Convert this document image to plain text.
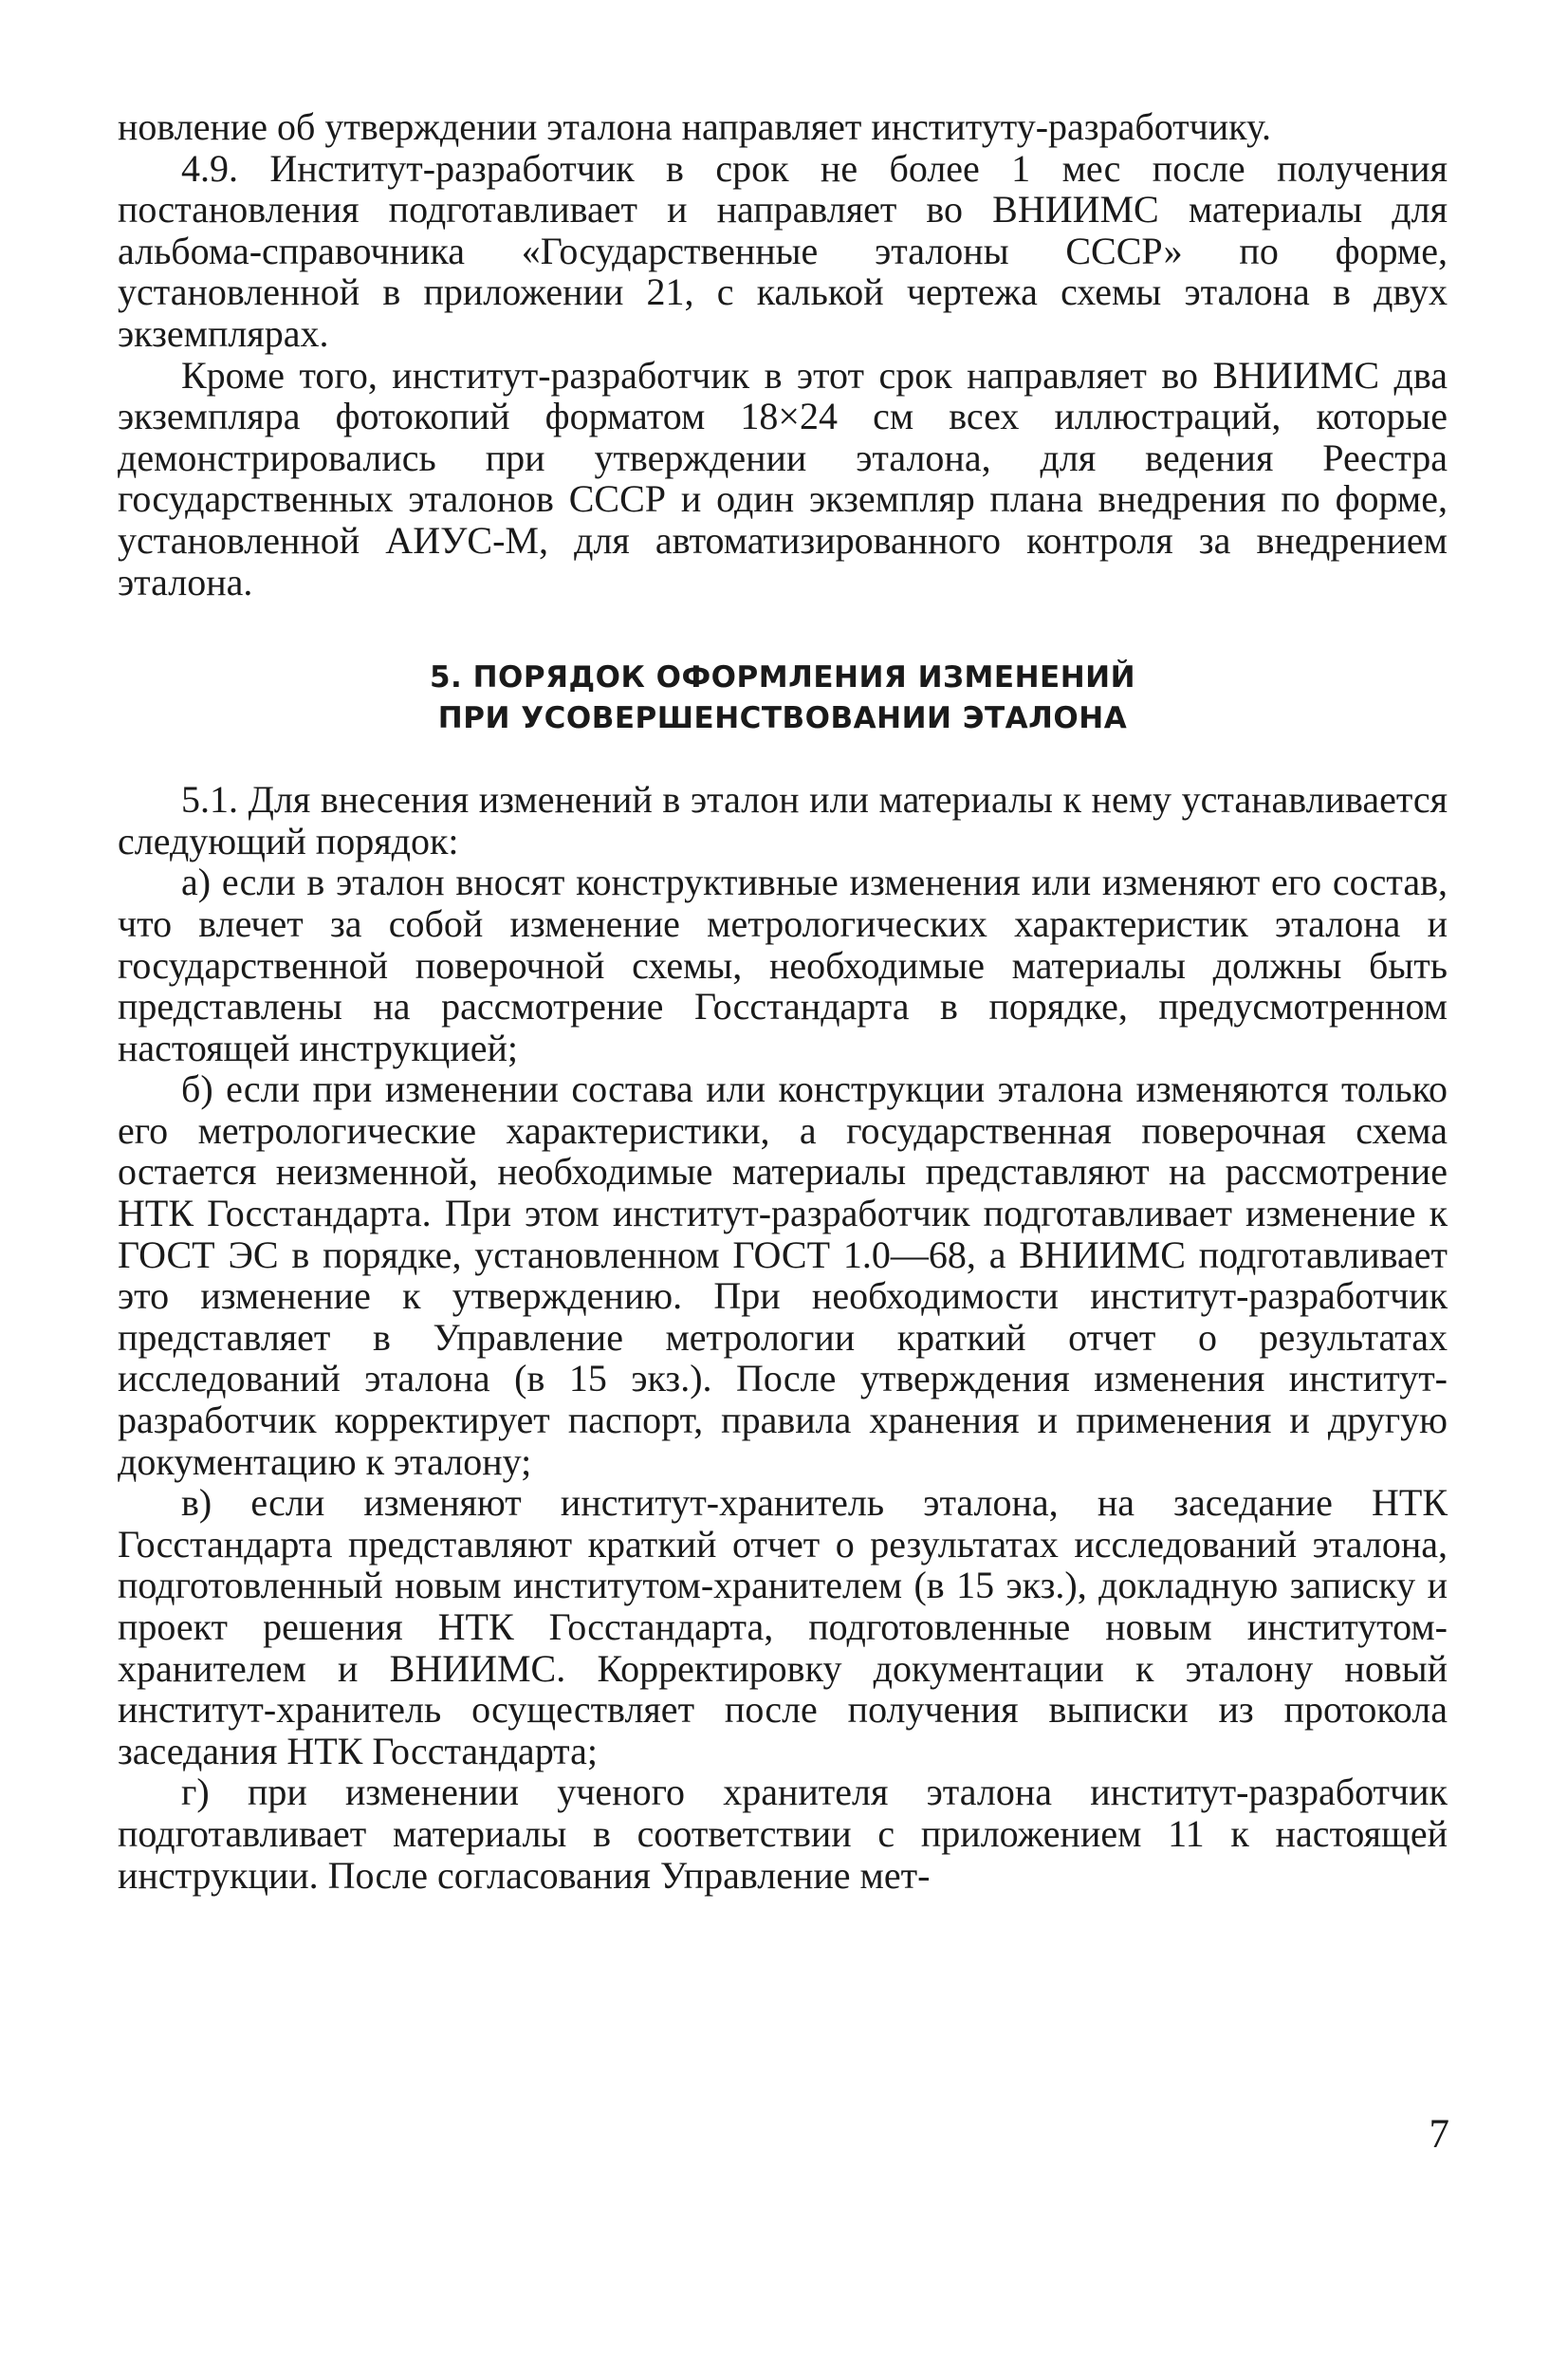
новление об утверждении эталона направляет институту-разработчику.

4.9. Институт-разработчик в срок не более 1 мес после получения постановления подготавливает и направляет во ВНИИМС материалы для альбома-справочника «Государственные эталоны СССР» по форме, установленной в приложении 21, с калькой чертежа схемы эталона в двух экземплярах.

Кроме того, институт-разработчик в этот срок направляет во ВНИИМС два экземпляра фотокопий форматом 18×24 см всех иллюстраций, которые демонстрировались при утверждении эталона, для ведения Реестра государственных эталонов СССР и один экземпляр плана внедрения по форме, установленной АИУС-М, для автоматизированного контроля за внедрением эталона.

5. ПОРЯДОК ОФОРМЛЕНИЯ ИЗМЕНЕНИЙ

ПРИ УСОВЕРШЕНСТВОВАНИИ ЭТАЛОНА

5.1. Для внесения изменений в эталон или материалы к нему устанавливается следующий порядок:

а) если в эталон вносят конструктивные изменения или изменяют его состав, что влечет за собой изменение метрологических характеристик эталона и государственной поверочной схемы, необходимые материалы должны быть представлены на рассмотрение Госстандарта в порядке, предусмотренном настоящей инструкцией;

б) если при изменении состава или конструкции эталона изменяются только его метрологические характеристики, а государственная поверочная схема остается неизменной, необходимые материалы представляют на рассмотрение НТК Госстандарта. При этом институт-разработчик подготавливает изменение к ГОСТ ЭС в порядке, установленном ГОСТ 1.0—68, а ВНИИМС подготавливает это изменение к утверждению. При необходимости институт-разработчик представляет в Управление метрологии краткий отчет о результатах исследований эталона (в 15 экз.). После утверждения изменения институт-разработчик корректирует паспорт, правила хранения и применения и другую документацию к эталону;

в) если изменяют институт-хранитель эталона, на заседание НТК Госстандарта представляют краткий отчет о результатах исследований эталона, подготовленный новым институтом-хранителем (в 15 экз.), докладную записку и проект решения НТК Госстандарта, подготовленные новым институтом-хранителем и ВНИИМС. Корректировку документации к эталону новый институт-хранитель осуществляет после получения выписки из протокола заседания НТК Госстандарта;

г) при изменении ученого хранителя эталона институт-разработчик подготавливает материалы в соответствии с приложением 11 к настоящей инструкции. После согласования Управление мет-

7
